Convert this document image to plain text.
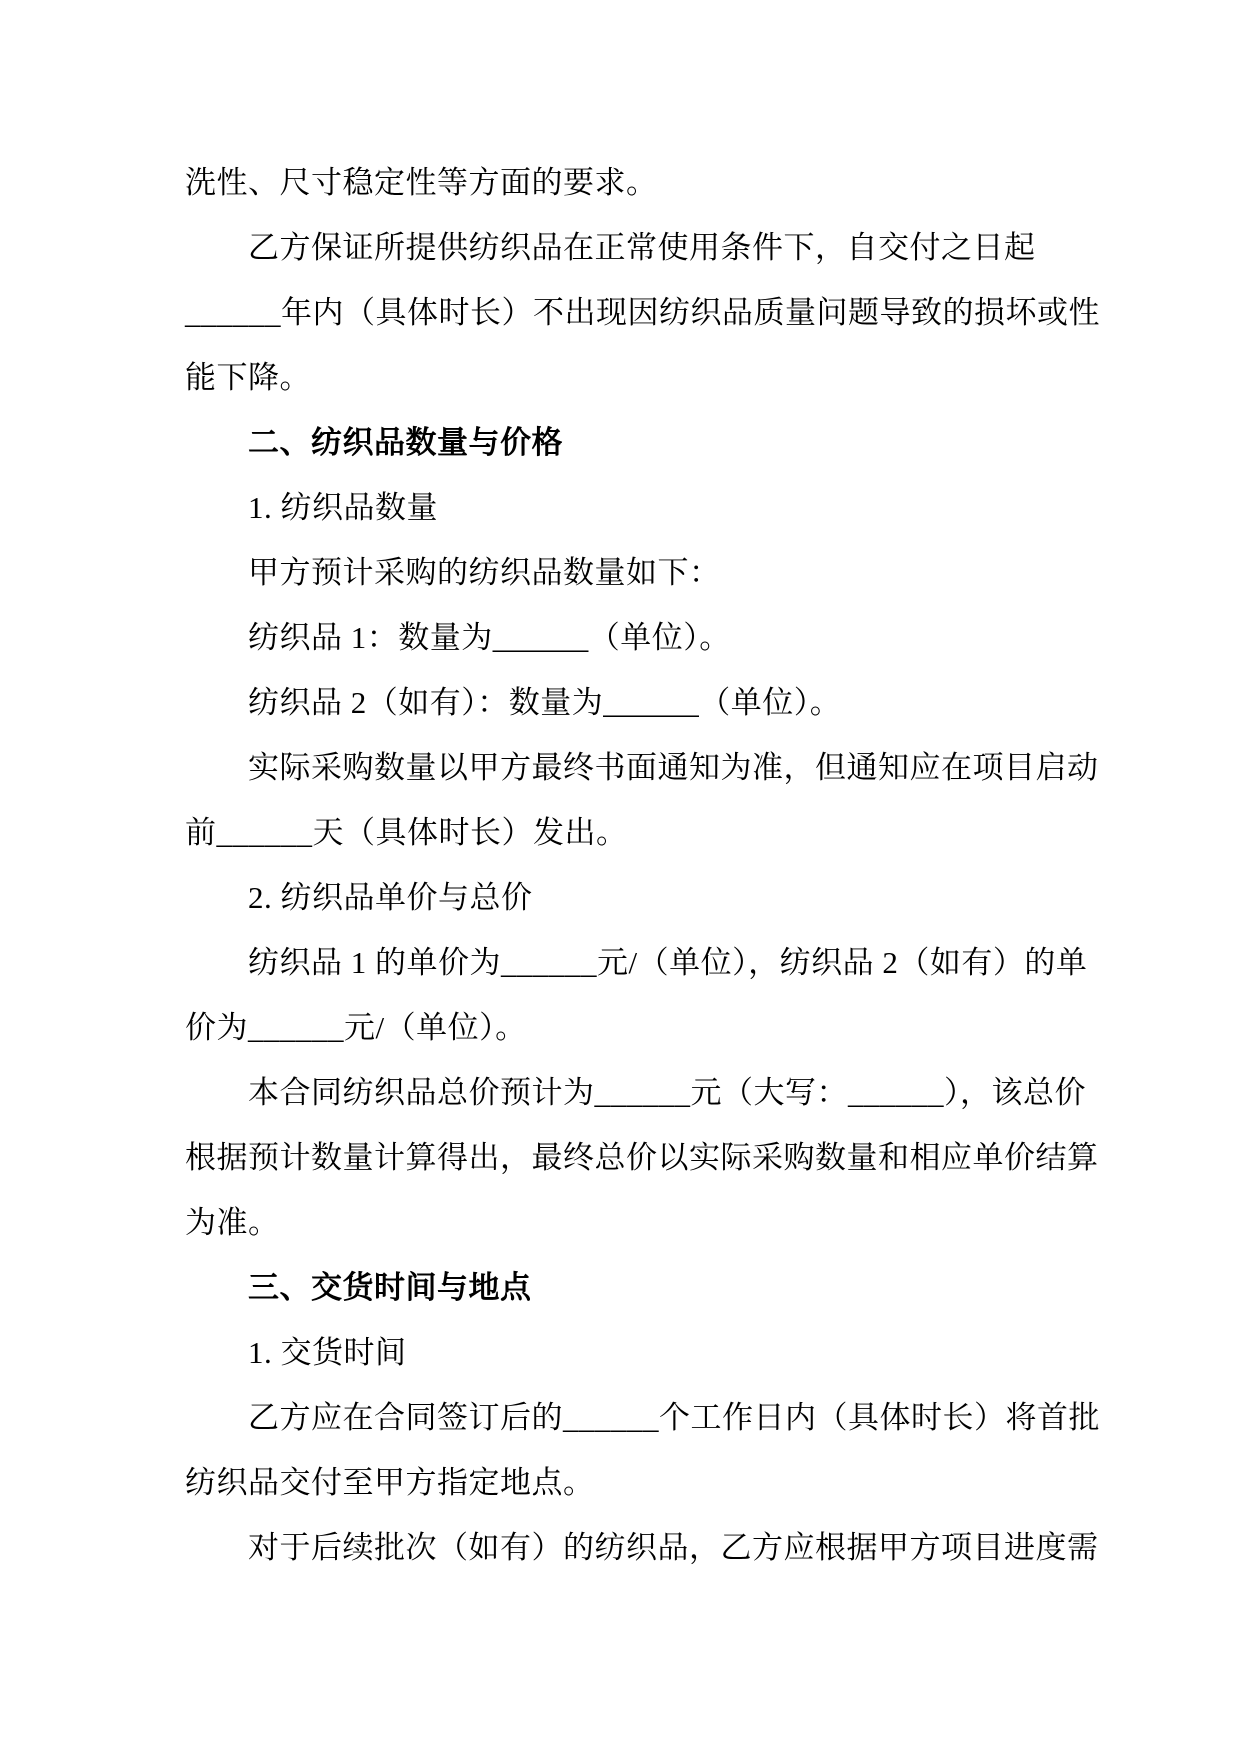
洗性、尺寸稳定性等方面的要求。
乙方保证所提供纺织品在正常使用条件下，自交付之日起
______年内（具体时长）不出现因纺织品质量问题导致的损坏或性
能下降。
二、纺织品数量与价格
1. 纺织品数量
甲方预计采购的纺织品数量如下：
纺织品 1：数量为______（单位）。
纺织品 2（如有）：数量为______（单位）。
实际采购数量以甲方最终书面通知为准，但通知应在项目启动
前______天（具体时长）发出。
2. 纺织品单价与总价
纺织品 1 的单价为______元/（单位），纺织品 2（如有）的单
价为______元/（单位）。
本合同纺织品总价预计为______元（大写：______），该总价
根据预计数量计算得出，最终总价以实际采购数量和相应单价结算
为准。
三、交货时间与地点
1. 交货时间
乙方应在合同签订后的______个工作日内（具体时长）将首批
纺织品交付至甲方指定地点。
对于后续批次（如有）的纺织品，乙方应根据甲方项目进度需
